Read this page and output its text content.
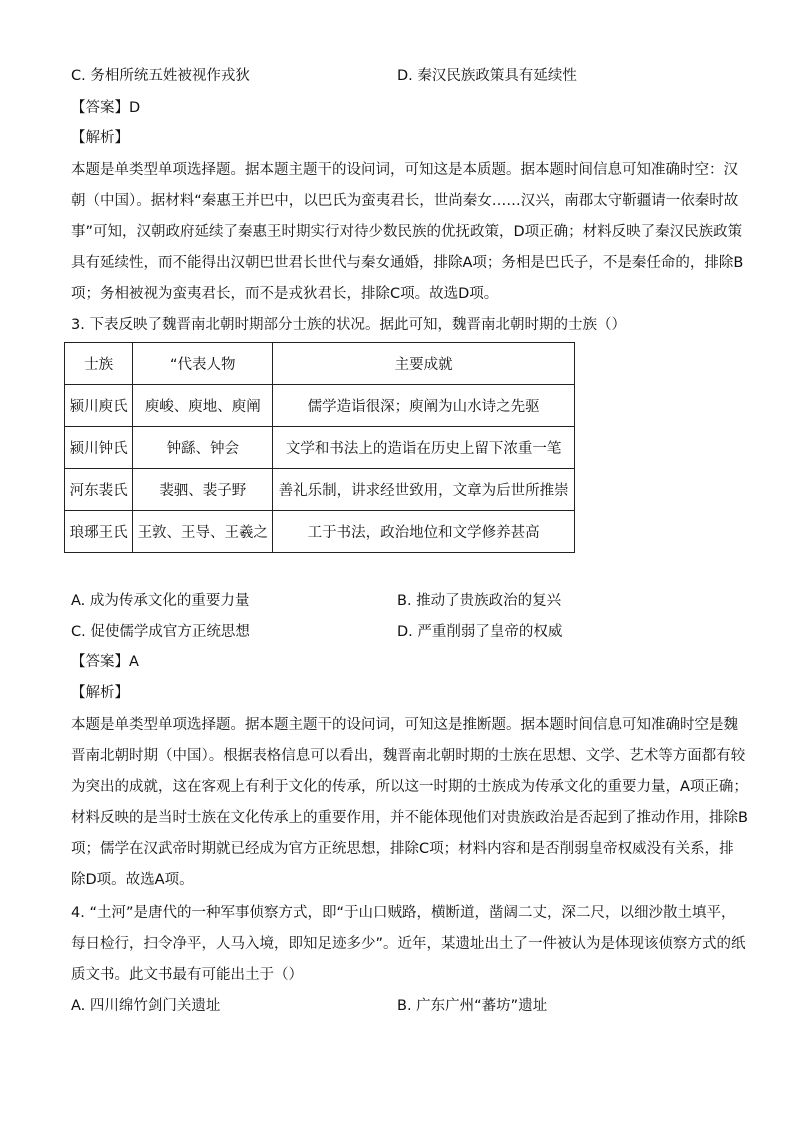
C. 务相所统五姓被视作戎狄	D. 秦汉民族政策具有延续性
【答案】D
【解析】
本题是单类型单项选择题。据本题主题干的设问词，可知这是本质题。据本题时间信息可知准确时空：汉
朝（中国）。据材料“秦惠王并巴中，以巴氏为蛮夷君长，世尚秦女……汉兴，南郡太守靳疆请一依秦时故
事”可知，汉朝政府延续了秦惠王时期实行对待少数民族的优抚政策，D项正确；材料反映了秦汉民族政策
具有延续性，而不能得出汉朝巴世君长世代与秦女通婚，排除A项；务相是巴氏子，不是秦任命的，排除B
项；务相被视为蛮夷君长，而不是戎狄君长，排除C项。故选D项。
3. 下表反映了魏晋南北朝时期部分士族的状况。据此可知，魏晋南北朝时期的士族（）
士族	“代表人物	主要成就
颍川庾氏	庾峻、庾地、庾阐	儒学造诣很深；庾阐为山水诗之先驱
颍川钟氏	钟繇、钟会	文学和书法上的造诣在历史上留下浓重一笔
河东裴氏	裴驷、裴子野	善礼乐制，讲求经世致用，文章为后世所推崇
琅琊王氏	王敦、王导、王羲之	工于书法，政治地位和文学修养甚高
A. 成为传承文化的重要力量	B. 推动了贵族政治的复兴
C. 促使儒学成官方正统思想	D. 严重削弱了皇帝的权威
【答案】A
【解析】
本题是单类型单项选择题。据本题主题干的设问词，可知这是推断题。据本题时间信息可知准确时空是魏
晋南北朝时期（中国）。根据表格信息可以看出，魏晋南北朝时期的士族在思想、文学、艺术等方面都有较
为突出的成就，这在客观上有利于文化的传承，所以这一时期的士族成为传承文化的重要力量，A项正确；
材料反映的是当时士族在文化传承上的重要作用，并不能体现他们对贵族政治是否起到了推动作用，排除B
项；儒学在汉武帝时期就已经成为官方正统思想，排除C项；材料内容和是否削弱皇帝权威没有关系，排
除D项。故选A项。
4. “土河”是唐代的一种军事侦察方式，即“于山口贼路，横断道，凿阔二丈，深二尺，以细沙散土填平，
每日检行，扫令净平，人马入境，即知足迹多少”。近年，某遗址出土了一件被认为是体现该侦察方式的纸
质文书。此文书最有可能出土于（）
A. 四川绵竹剑门关遗址	B. 广东广州“蕃坊”遗址
